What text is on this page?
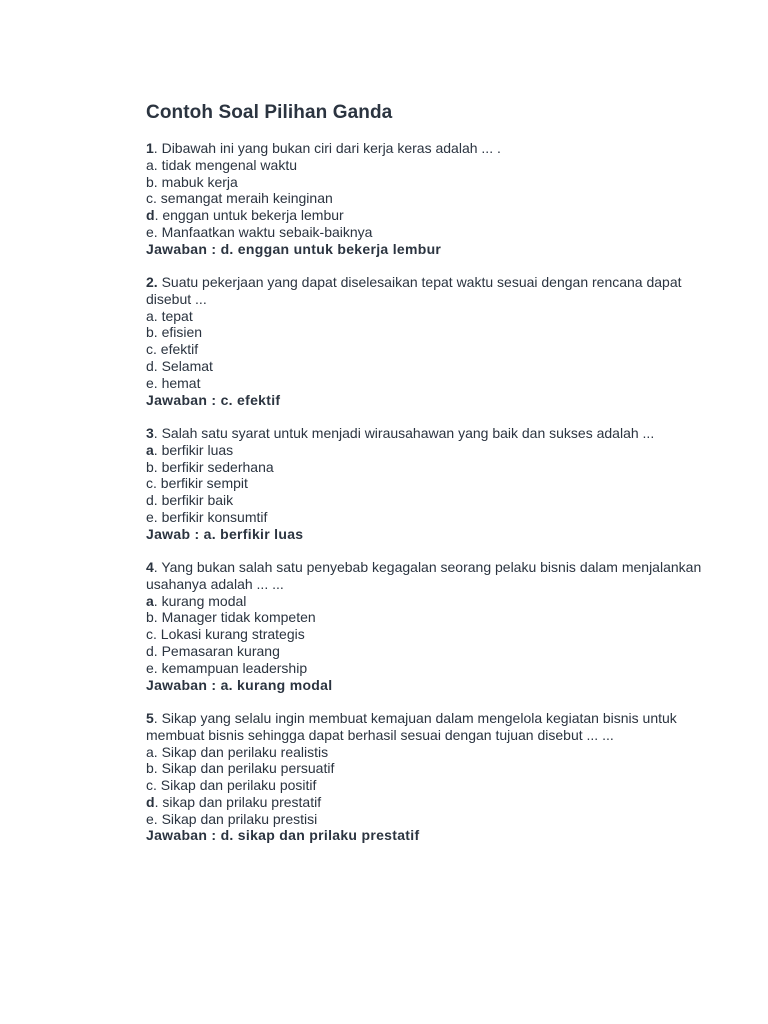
Contoh Soal Pilihan Ganda
1. Dibawah ini yang bukan ciri dari kerja keras adalah ... .
a. tidak mengenal waktu
b. mabuk kerja
c. semangat meraih keinginan
d. enggan untuk bekerja lembur
e. Manfaatkan waktu sebaik-baiknya
Jawaban : d. enggan untuk bekerja lembur
2. Suatu pekerjaan yang dapat diselesaikan tepat waktu sesuai dengan rencana dapat disebut ...
a. tepat
b. efisien
c. efektif
d. Selamat
e. hemat
Jawaban : c. efektif
3. Salah satu syarat untuk menjadi wirausahawan yang baik dan sukses adalah ...
a. berfikir luas
b. berfikir sederhana
c. berfikir sempit
d. berfikir baik
e. berfikir konsumtif
Jawab : a. berfikir luas
4. Yang bukan salah satu penyebab kegagalan seorang pelaku bisnis dalam menjalankan usahanya adalah ... ...
a. kurang modal
b. Manager tidak kompeten
c. Lokasi kurang strategis
d. Pemasaran kurang
e. kemampuan leadership
Jawaban : a. kurang modal
5. Sikap yang selalu ingin membuat kemajuan dalam mengelola kegiatan bisnis untuk membuat bisnis sehingga dapat berhasil sesuai dengan tujuan disebut ... ...
a. Sikap dan perilaku realistis
b. Sikap dan perilaku persuatif
c. Sikap dan perilaku positif
d. sikap dan prilaku prestatif
e. Sikap dan prilaku prestisi
Jawaban : d. sikap dan prilaku prestatif
